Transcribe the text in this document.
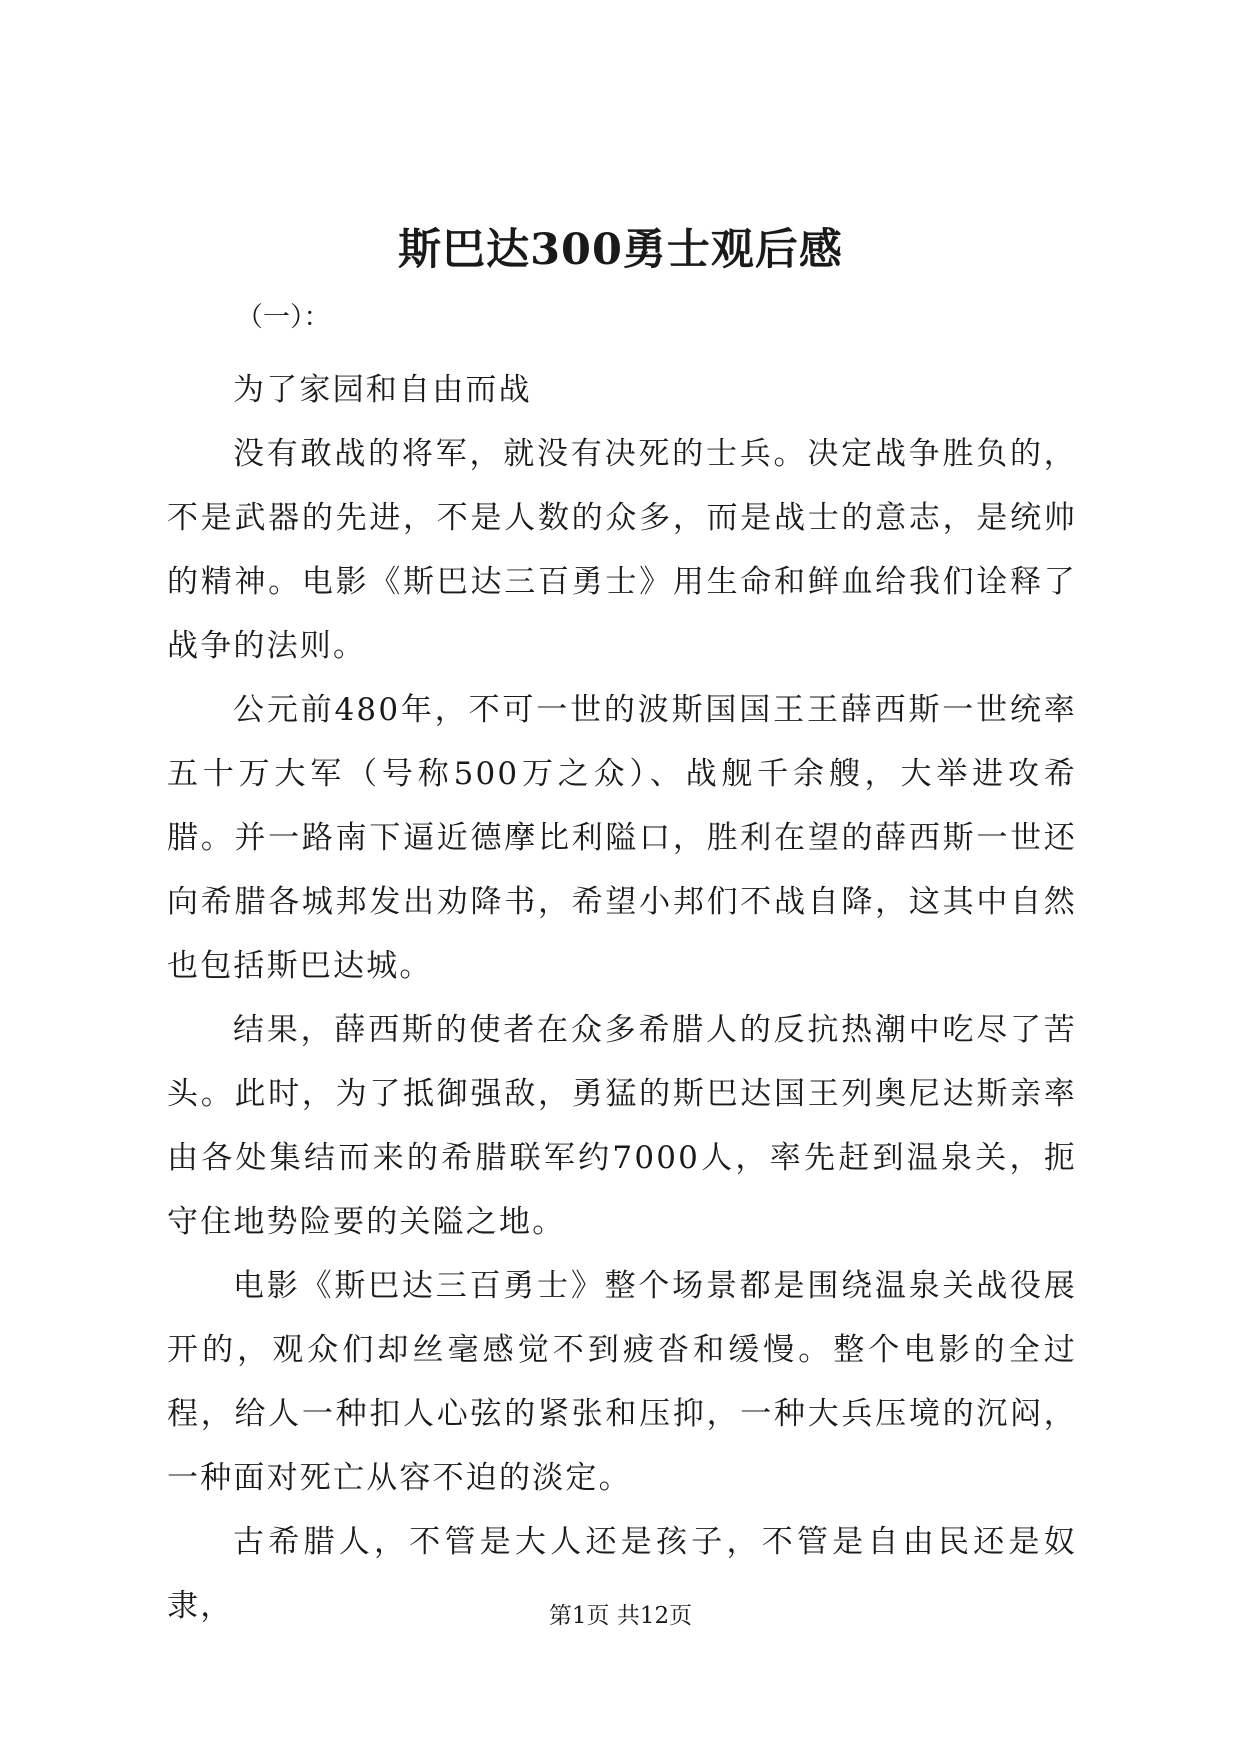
斯巴达300勇士观后感
（一）：

为了家园和自由而战

没有敢战的将军，就没有决死的士兵。决定战争胜负的，不是武器的先进，不是人数的众多，而是战士的意志，是统帅的精神。电影《斯巴达三百勇士》用生命和鲜血给我们诠释了战争的法则。

公元前480年，不可一世的波斯国国王王薛西斯一世统率五十万大军（号称500万之众）、战舰千余艘，大举进攻希腊。并一路南下逼近德摩比利隘口，胜利在望的薛西斯一世还向希腊各城邦发出劝降书，希望小邦们不战自降，这其中自然也包括斯巴达城。

结果，薛西斯的使者在众多希腊人的反抗热潮中吃尽了苦头。此时，为了抵御强敌，勇猛的斯巴达国王列奥尼达斯亲率由各处集结而来的希腊联军约7000人，率先赶到温泉关，扼守住地势险要的关隘之地。

电影《斯巴达三百勇士》整个场景都是围绕温泉关战役展开的，观众们却丝毫感觉不到疲沓和缓慢。整个电影的全过程，给人一种扣人心弦的紧张和压抑，一种大兵压境的沉闷，一种面对死亡从容不迫的淡定。

古希腊人，不管是大人还是孩子，不管是自由民还是奴隶，	第1页 共12页
